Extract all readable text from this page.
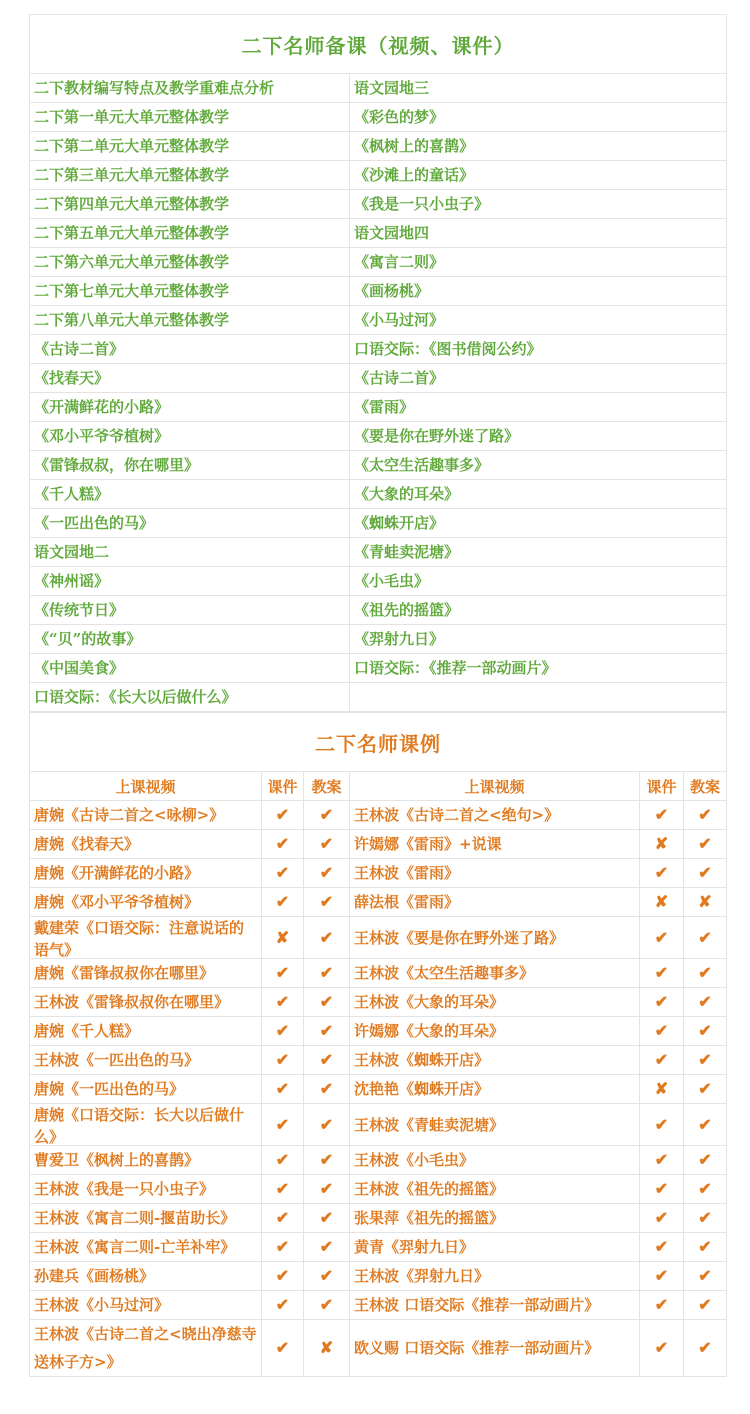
二下名师备课（视频、课件）	
二下教材编写特点及教学重难点分析	语文园地三
二下第一单元大单元整体教学	《彩色的梦》
二下第二单元大单元整体教学	《枫树上的喜鹊》
二下第三单元大单元整体教学	《沙滩上的童话》
二下第四单元大单元整体教学	《我是一只小虫子》
二下第五单元大单元整体教学	语文园地四
二下第六单元大单元整体教学	《寓言二则》
二下第七单元大单元整体教学	《画杨桃》
二下第八单元大单元整体教学	《小马过河》
《古诗二首》	口语交际：《图书借阅公约》
《找春天》	《古诗二首》
《开满鲜花的小路》	《雷雨》
《邓小平爷爷植树》	《要是你在野外迷了路》
《雷锋叔叔，你在哪里》	《太空生活趣事多》
《千人糕》	《大象的耳朵》
《一匹出色的马》	《蜘蛛开店》
语文园地二	《青蛙卖泥塘》
《神州谣》	《小毛虫》
《传统节日》	《祖先的摇篮》
《“贝”的故事》	《羿射九日》
《中国美食》	口语交际：《推荐一部动画片》
口语交际：《长大以后做什么》	
二下名师课例					
上课视频	课件	教案	上课视频	课件	教案
唐婉《古诗二首之<咏柳>》	✔	✔	王林波《古诗二首之<绝句>》	✔	✔
唐婉《找春天》	✔	✔	许嫣娜《雷雨》+说课	✘	✔
唐婉《开满鲜花的小路》	✔	✔	王林波《雷雨》	✔	✔
唐婉《邓小平爷爷植树》	✔	✔	薛法根《雷雨》	✘	✘

戴建荣《口语交际：注意说话的语气》	✘	✔	王林波《要是你在野外迷了路》	✔	✔
唐婉《雷锋叔叔你在哪里》	✔	✔	王林波《太空生活趣事多》	✔	✔
王林波《雷锋叔叔你在哪里》	✔	✔	王林波《大象的耳朵》	✔	✔
唐婉《千人糕》	✔	✔	许嫣娜《大象的耳朵》	✔	✔
王林波《一匹出色的马》	✔	✔	王林波《蜘蛛开店》	✔	✔
唐婉《一匹出色的马》	✔	✔	沈艳艳《蜘蛛开店》	✘	✔

唐婉《口语交际：长大以后做什么》	✔	✔	王林波《青蛙卖泥塘》	✔	✔
曹爱卫《枫树上的喜鹊》	✔	✔	王林波《小毛虫》	✔	✔
王林波《我是一只小虫子》	✔	✔	王林波《祖先的摇篮》	✔	✔
王林波《寓言二则-揠苗助长》	✔	✔	张果萍《祖先的摇篮》	✔	✔
王林波《寓言二则-亡羊补牢》	✔	✔	黄青《羿射九日》	✔	✔
孙建兵《画杨桃》	✔	✔	王林波《羿射九日》	✔	✔
王林波《小马过河》	✔	✔	王林波 口语交际《推荐一部动画片》	✔	✔
王林波《古诗二首之<晓出净慈寺送林子方>》	✔	✘	欧义赐 口语交际《推荐一部动画片》	✔	✔
